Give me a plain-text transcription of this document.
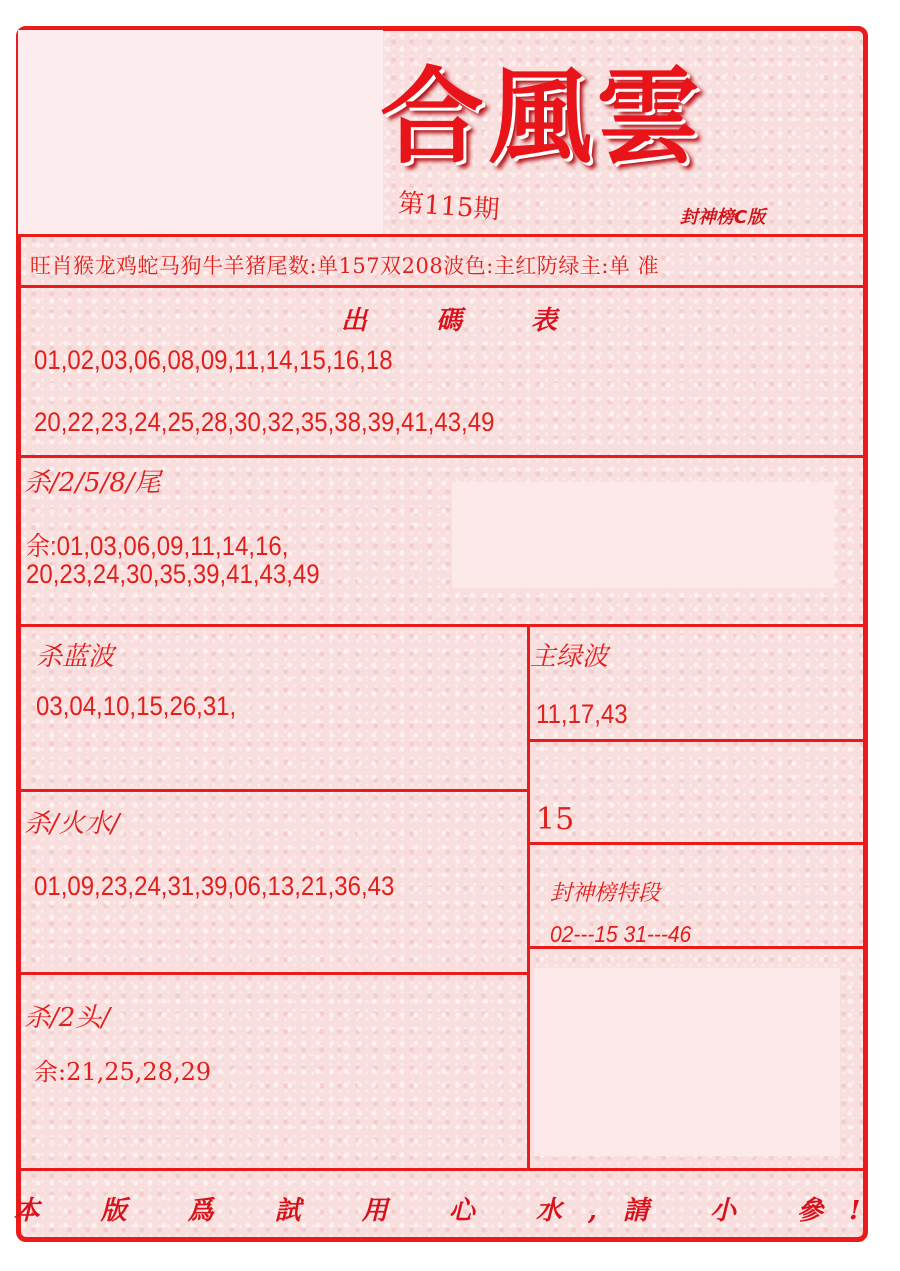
合風雲
第115期	封神榜C版
旺肖猴龙鸡蛇马狗牛羊猪尾数:单157双208波色:主红防绿主:单 准
出 碼 表
01,02,03,06,08,09,11,14,15,16,18
20,22,23,24,25,28,30,32,35,38,39,41,43,49
杀/2/5/8/尾
余:01,03,06,09,11,14,16,
20,23,24,30,35,39,41,43,49
杀蓝波
03,04,10,15,26,31,
主绿波
11,17,43
15
杀/火水/
01,09,23,24,31,39,06,13,21,36,43	封神榜特段
02---15 31---46
杀/2头/
余:21,25,28,29
本 版 爲 試 用 心 水,請 小 參!
